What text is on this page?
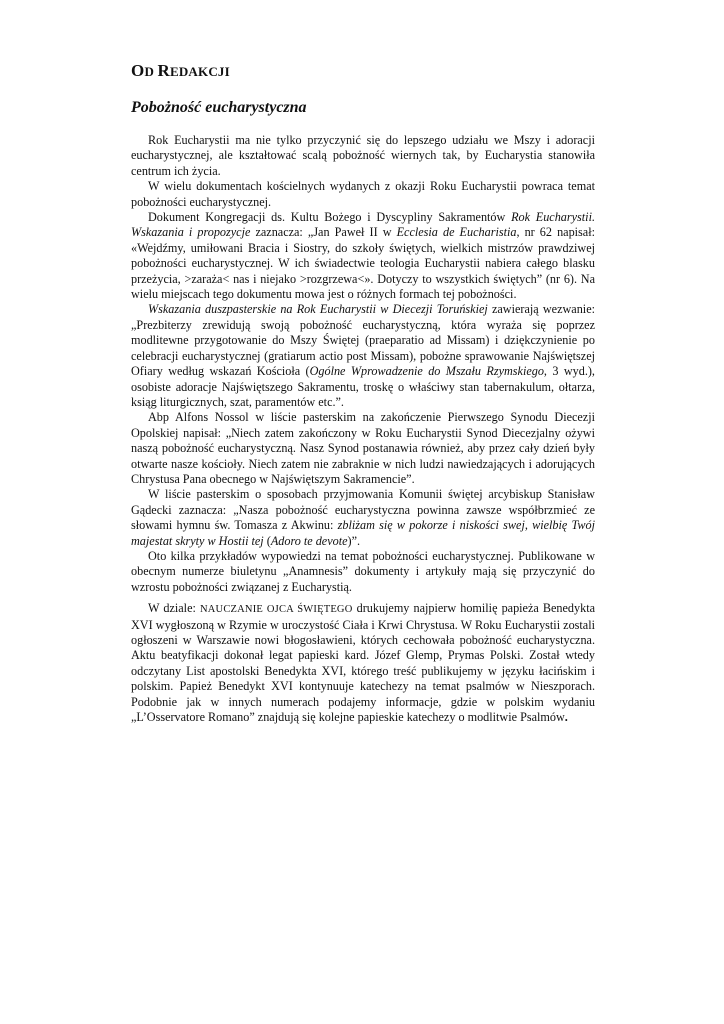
OD REDAKCJI
Pobożność eucharystyczna

Rok Eucharystii ma nie tylko przyczynić się do lepszego udziału we Mszy i adoracji eucharystycznej, ale kształtować scalą pobożność wiernych tak, by Eucharystia stanowiła centrum ich życia.

W wielu dokumentach kościelnych wydanych z okazji Roku Eucharystii powraca temat pobożności eucharystycznej.

Dokument Kongregacji ds. Kultu Bożego i Dyscypliny Sakramentów Rok Eucharystii. Wskazania i propozycje zaznacza: „Jan Paweł II w Ecclesia de Eucharistia, nr 62 napisał: «Wejdźmy, umiłowani Bracia i Siostry, do szkoły świętych, wielkich mistrzów prawdziwej pobożności eucharystycznej. W ich świadectwie teologia Eucharystii nabiera całego blasku przeżycia, >zaraża< nas i niejako >rozgrzewa<». Dotyczy to wszystkich świętych” (nr 6). Na wielu miejscach tego dokumentu mowa jest o różnych formach tej pobożności.

Wskazania duszpasterskie na Rok Eucharystii w Diecezji Toruńskiej zawierają wezwanie: „Prezbiterzy zrewidują swoją pobożność eucharystyczną, która wyraża się poprzez modlitewne przygotowanie do Mszy Świętej (praeparatio ad Missam) i dziękczynienie po celebracji eucharystycznej (gratiarum actio post Missam), pobożne sprawowanie Najświętszej Ofiary według wskazań Kościoła (Ogólne Wprowadzenie do Mszału Rzymskiego, 3 wyd.), osobiste adoracje Najświętszego Sakramentu, troskę o właściwy stan tabernakulum, ołtarza, ksiąg liturgicznych, szat, paramentów etc.”.

Abp Alfons Nossol w liście pasterskim na zakończenie Pierwszego Synodu Diecezji Opolskiej napisał: „Niech zatem zakończony w Roku Eucharystii Synod Diecezjalny ożywi naszą pobożność eucharystyczną. Nasz Synod postanawia również, aby przez cały dzień były otwarte nasze kościoły. Niech zatem nie zabraknie w nich ludzi nawiedzających i adorujących Chrystusa Pana obecnego w Najświętszym Sakramencie”.

W liście pasterskim o sposobach przyjmowania Komunii świętej arcybiskup Stanisław Gądecki zaznacza: „Nasza pobożność eucharystyczna powinna zawsze współbrzmieć ze słowami hymnu św. Tomasza z Akwinu: zbliżam się w pokorze i niskości swej, wielbię Twój majestat skryty w Hostii tej (Adoro te devote)”.

Oto kilka przykładów wypowiedzi na temat pobożności eucharystycznej. Publikowane w obecnym numerze biuletynu „Anamnesis” dokumenty i artykuły mają się przyczynić do wzrostu pobożności związanej z Eucharystią.

W dziale: NAUCZANIE OJCA ŚWIĘTEGO drukujemy najpierw homilię papieża Benedykta XVI wygłoszoną w Rzymie w uroczystość Ciała i Krwi Chrystusa. W Roku Eucharystii zostali ogłoszeni w Warszawie nowi błogosławieni, których cechowała pobożność eucharystyczna. Aktu beatyfikacji dokonał legat papieski kard. Józef Glemp, Prymas Polski. Został wtedy odczytany List apostolski Benedykta XVI, którego treść publikujemy w języku łacińskim i polskim. Papież Benedykt XVI kontynuuje katechezy na temat psalmów w Nieszporach. Podobnie jak w innych numerach podajemy informacje, gdzie w polskim wydaniu „L’Osservatore Romano” znajdują się kolejne papieskie katechezy o modlitwie Psalmów.
